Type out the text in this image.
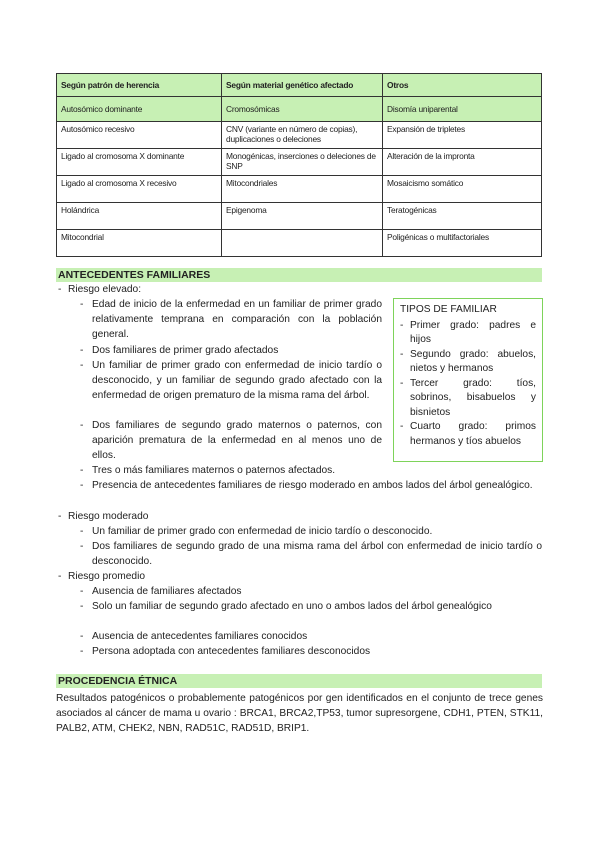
Según patrón de herencia	Según material genético afectado	Otros
Autosómico dominante	Cromosómicas	Disomía uniparental
Autosómico recesivo	CNV (variante en número de copias), duplicaciones o deleciones	Expansión de tripletes
Ligado al cromosoma X dominante	Monogénicas, inserciones o deleciones de SNP	Alteración de la impronta
Ligado al cromosoma X recesivo	Mitocondriales	Mosaicismo somático
Holándrica	Epigenoma	Teratogénicas
Mitocondrial		Poligénicas o multifactoriales
ANTECEDENTES FAMILIARES
- Riesgo elevado:
- Edad de inicio de la enfermedad en un familiar de primer grado relativamente temprana en comparación con la población general.
- Dos familiares de primer grado afectados
- Un familiar de primer grado con enfermedad de inicio tardío o desconocido, y un familiar de segundo grado afectado con la enfermedad de origen prematuro de la misma rama del árbol.
- Dos familiares de segundo grado maternos o paternos, con aparición prematura de la enfermedad en al menos uno de ellos.
- Tres o más familiares maternos o paternos afectados.
- Presencia de antecedentes familiares de riesgo moderado en ambos lados del árbol genealógico.
TIPOS DE FAMILIAR
- Primer grado: padres e hijos
- Segundo grado: abuelos, nietos y hermanos
- Tercer grado: tíos, sobrinos, bisabuelos y bisnietos
- Cuarto grado: primos hermanos y tíos abuelos
- Riesgo moderado
- Un familiar de primer grado con enfermedad de inicio tardío o desconocido.
- Dos familiares de segundo grado de una misma rama del árbol con enfermedad de inicio tardío o desconocido.
- Riesgo promedio
- Ausencia de familiares afectados
- Solo un familiar de segundo grado afectado en uno o ambos lados del árbol genealógico
- Ausencia de antecedentes familiares conocidos
- Persona adoptada con antecedentes familiares desconocidos
PROCEDENCIA ÉTNICA
Resultados patogénicos o probablemente patogénicos por gen identificados en el conjunto de trece genes asociados al cáncer de mama u ovario : BRCA1, BRCA2,TP53, tumor supresorgene, CDH1, PTEN, STK11, PALB2, ATM, CHEK2, NBN, RAD51C, RAD51D, BRIP1.
